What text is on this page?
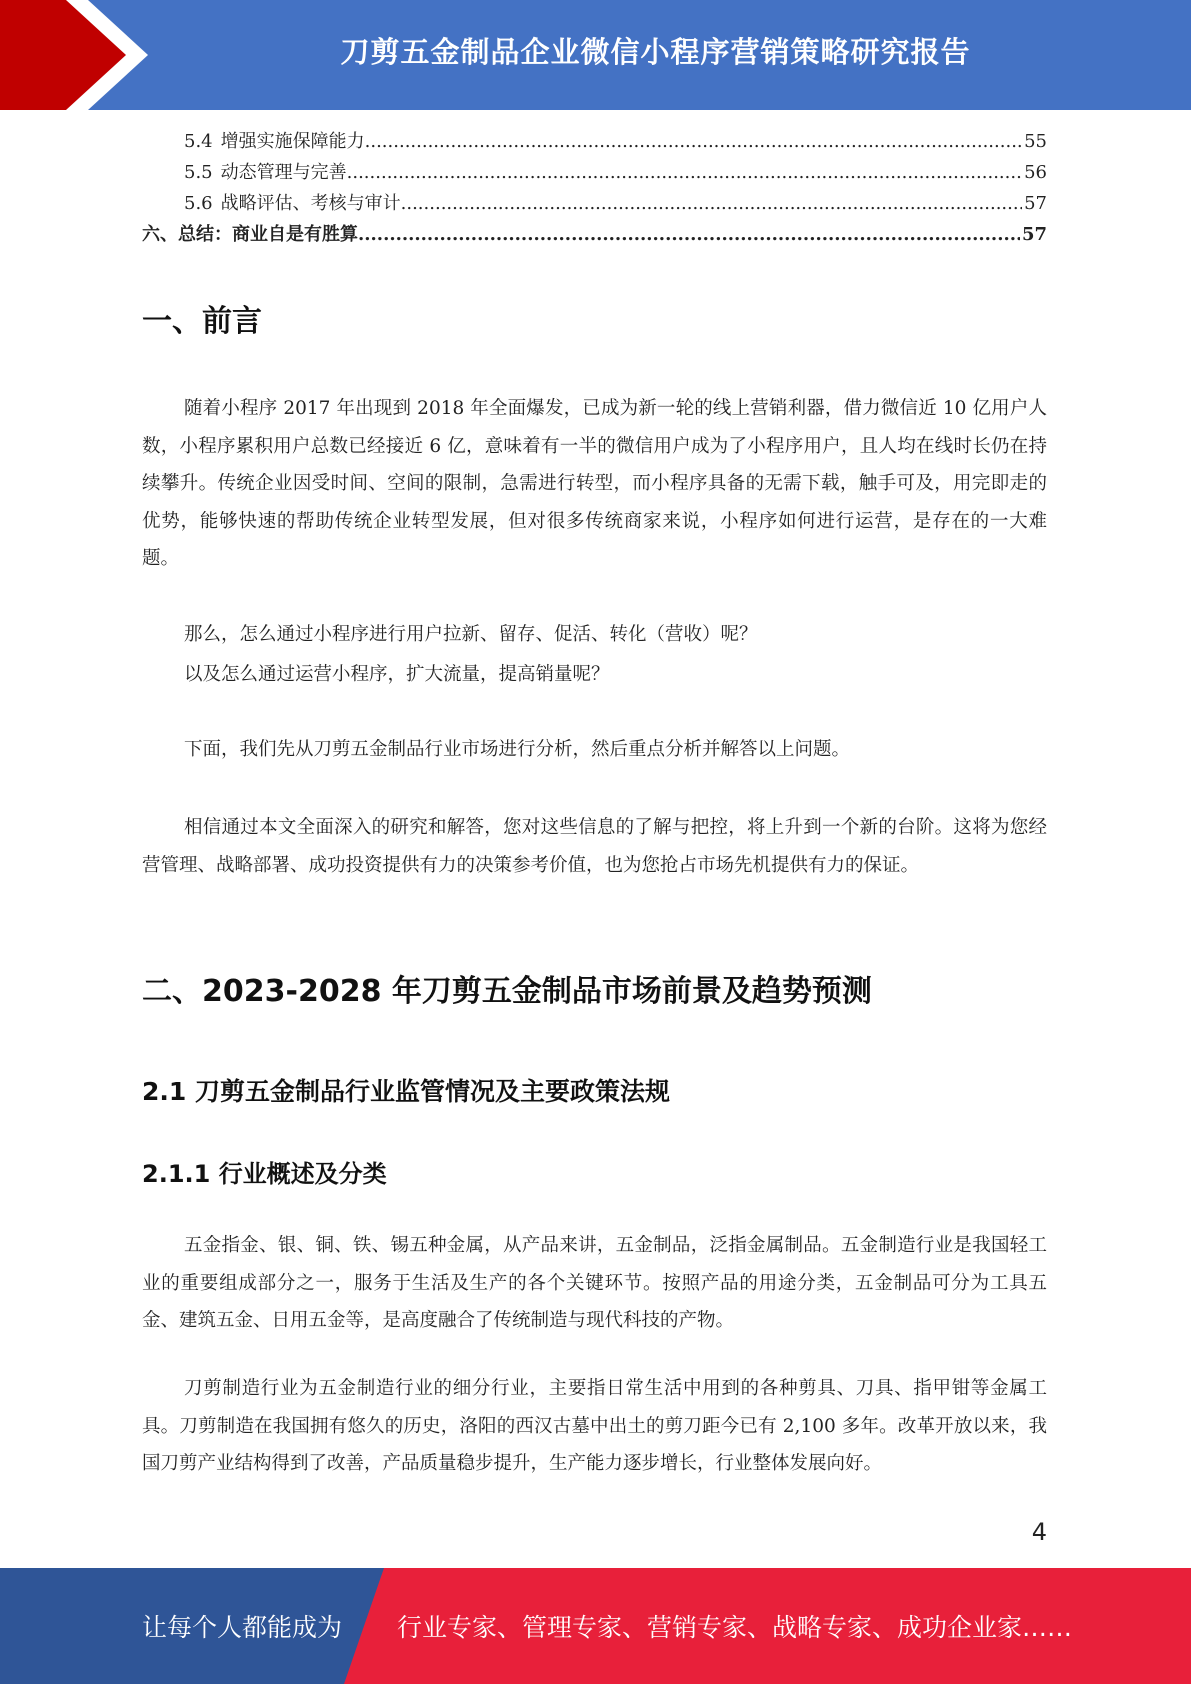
刀剪五金制品企业微信小程序营销策略研究报告
5.4 增强实施保障能力 .....	55
5.5 动态管理与完善 .....	56
5.6 战略评估、考核与审计 .....	57
六、总结：商业自是有胜算 .....	57
一、前言

随着小程序 2017 年出现到 2018 年全面爆发，已成为新一轮的线上营销利器，借力微信近 10 亿用户人数，小程序累积用户总数已经接近 6 亿，意味着有一半的微信用户成为了小程序用户，且人均在线时长仍在持续攀升。传统企业因受时间、空间的限制，急需进行转型，而小程序具备的无需下载，触手可及，用完即走的优势，能够快速的帮助传统企业转型发展，但对很多传统商家来说，小程序如何进行运营，是存在的一大难题。

那么，怎么通过小程序进行用户拉新、留存、促活、转化（营收）呢？

以及怎么通过运营小程序，扩大流量，提高销量呢？

下面，我们先从刀剪五金制品行业市场进行分析，然后重点分析并解答以上问题。

相信通过本文全面深入的研究和解答，您对这些信息的了解与把控，将上升到一个新的台阶。这将为您经营管理、战略部署、成功投资提供有力的决策参考价值，也为您抢占市场先机提供有力的保证。

二、2023-2028 年刀剪五金制品市场前景及趋势预测
2.1 刀剪五金制品行业监管情况及主要政策法规
2.1.1 行业概述及分类

五金指金、银、铜、铁、锡五种金属，从产品来讲，五金制品，泛指金属制品。五金制造行业是我国轻工业的重要组成部分之一，服务于生活及生产的各个关键环节。按照产品的用途分类，五金制品可分为工具五金、建筑五金、日用五金等，是高度融合了传统制造与现代科技的产物。

刀剪制造行业为五金制造行业的细分行业，主要指日常生活中用到的各种剪具、刀具、指甲钳等金属工具。刀剪制造在我国拥有悠久的历史，洛阳的西汉古墓中出土的剪刀距今已有 2,100 多年。改革开放以来，我国刀剪产业结构得到了改善，产品质量稳步提升，生产能力逐步增长，行业整体发展向好。

4
让每个人都能成为 行业专家、管理专家、营销专家、战略专家、成功企业家……
